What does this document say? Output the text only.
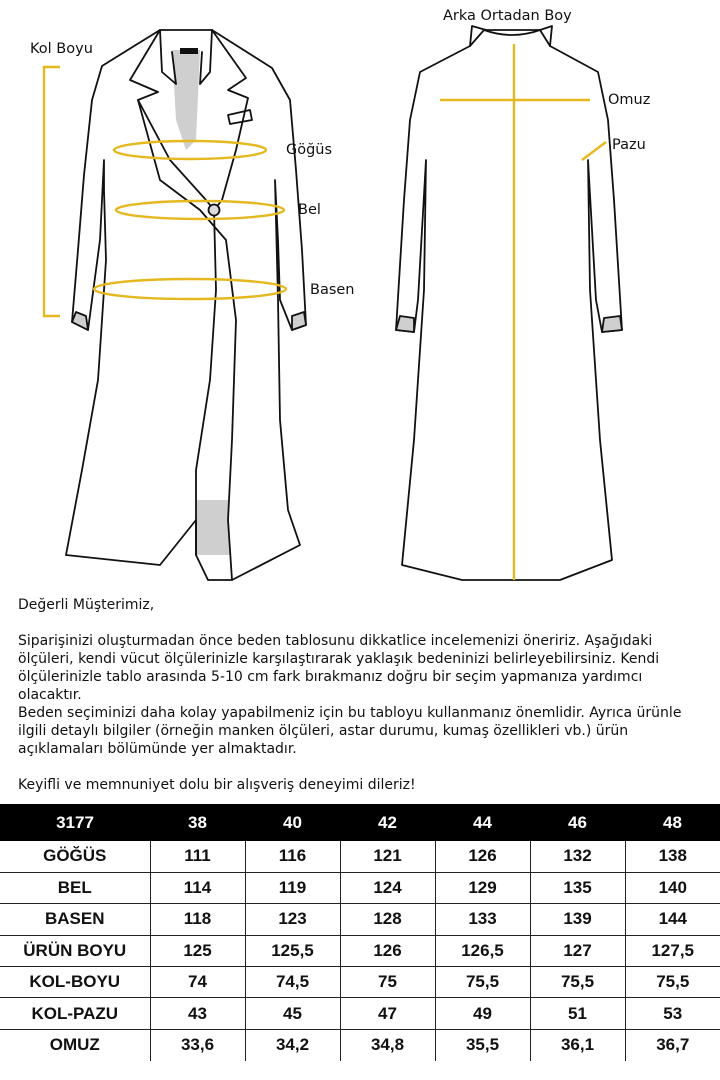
Kol Boyu
Göğüs
Bel
Basen
Arka Ortadan Boy
Omuz
Pazu

Değerli Müşterimiz,

Siparişinizi oluşturmadan önce beden tablosunu dikkatlice incelemenizi öneririz. Aşağıdaki ölçüleri, kendi vücut ölçülerinizle karşılaştırarak yaklaşık bedeninizi belirleyebilirsiniz. Kendi ölçülerinizle tablo arasında 5-10 cm fark bırakmanız doğru bir seçim yapmanıza yardımcı olacaktır.

Beden seçiminizi daha kolay yapabilmeniz için bu tabloyu kullanmanız önemlidir. Ayrıca ürünle ilgili detaylı bilgiler (örneğin manken ölçüleri, astar durumu, kumaş özellikleri vb.) ürün açıklamaları bölümünde yer almaktadır.

Keyifli ve memnuniyet dolu bir alışveriş deneyimi dileriz!

3177	38	40	42	44	46	48
GÖĞÜS	111	116	121	126	132	138
BEL	114	119	124	129	135	140
BASEN	118	123	128	133	139	144
ÜRÜN BOYU	125	125,5	126	126,5	127	127,5
KOL-BOYU	74	74,5	75	75,5	75,5	75,5
KOL-PAZU	43	45	47	49	51	53
OMUZ	33,6	34,2	34,8	35,5	36,1	36,7
